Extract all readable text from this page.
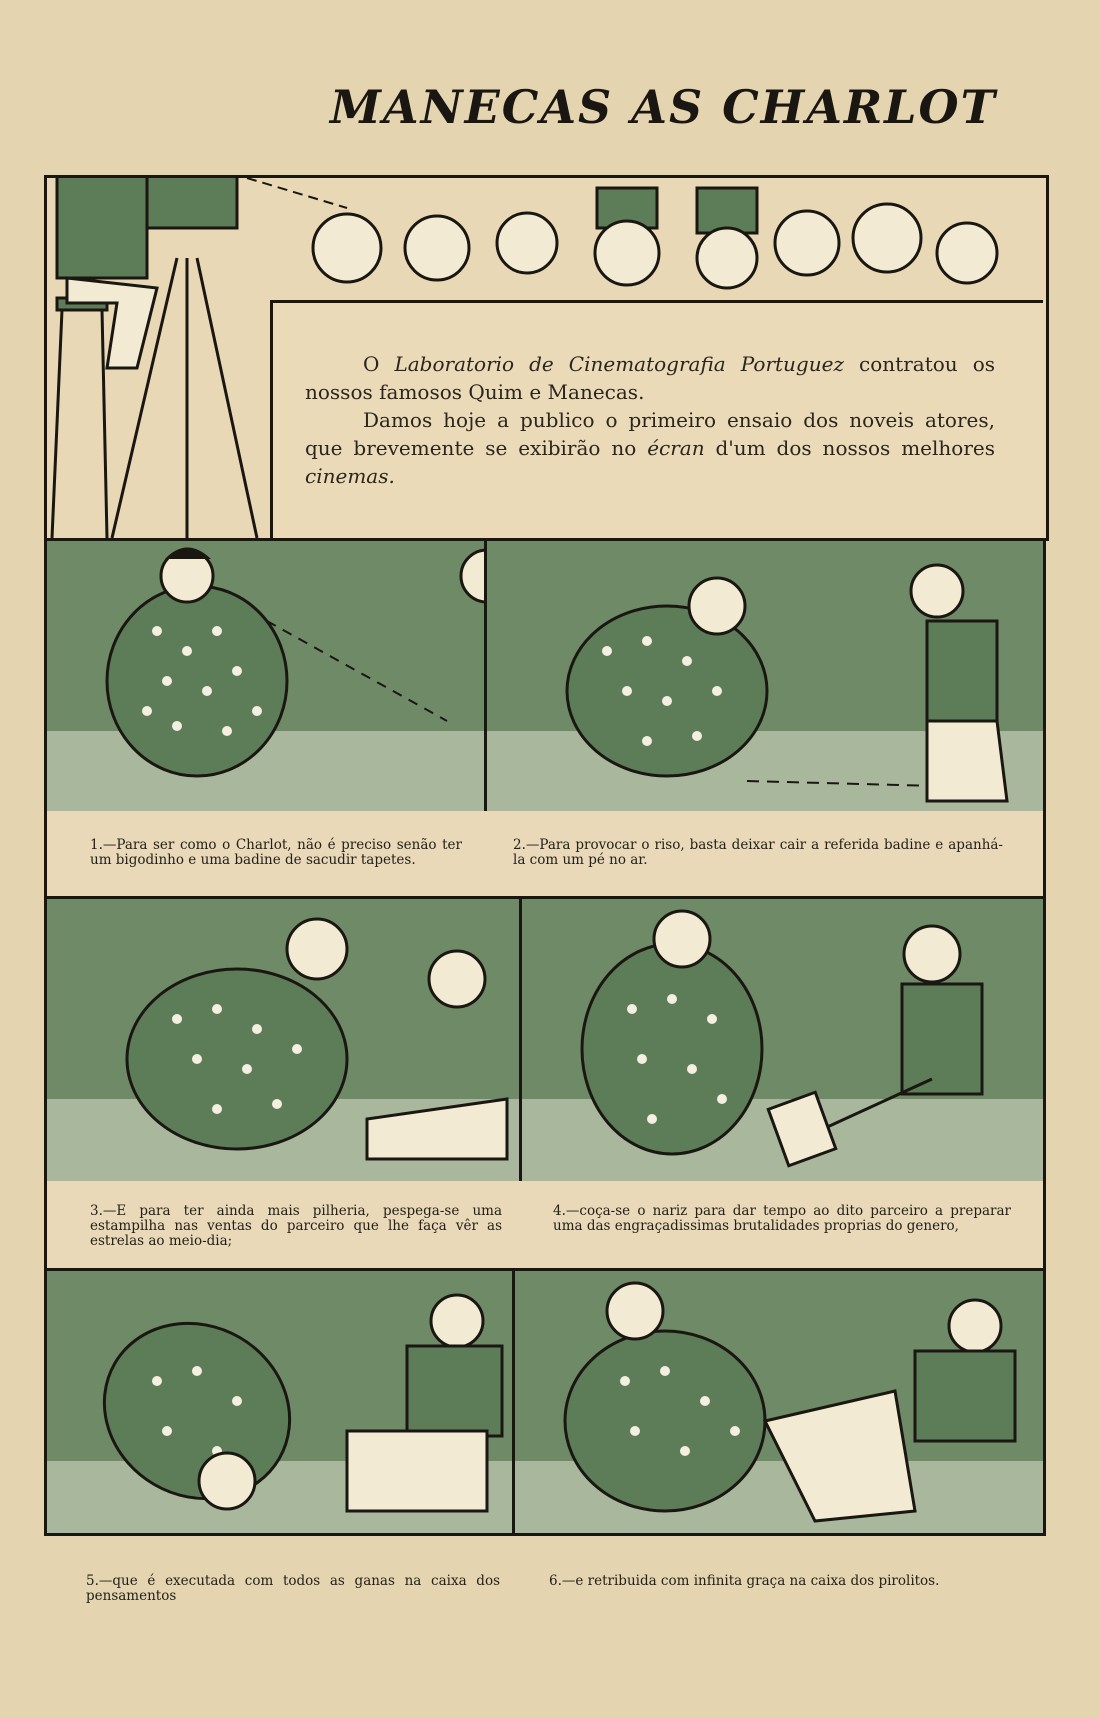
MANECAS AS CHARLOT

O Laboratorio de Cinematografia Portuguez contratou os nossos famosos Quim e Manecas.

Damos hoje a publico o primeiro ensaio dos noveis atores, que brevemente se exibirão no écran d'um dos nossos melhores cinemas.

1.—Para ser como o Charlot, não é preciso senão ter um bigodinho e uma badine de sacudir tapetes.
2.—Para provocar o riso, basta deixar cair a referida badine e apanhá-la com um pé no ar.
3.—E para ter ainda mais pilheria, pespega-se uma estampilha nas ventas do parceiro que lhe faça vêr as estrelas ao meio-dia;
4.—coça-se o nariz para dar tempo ao dito parceiro a preparar uma das engraçadissimas brutalidades proprias do genero,
5.—que é executada com todos as ganas na caixa dos pensamentos
6.—e retribuida com infinita graça na caixa dos pirolitos.
